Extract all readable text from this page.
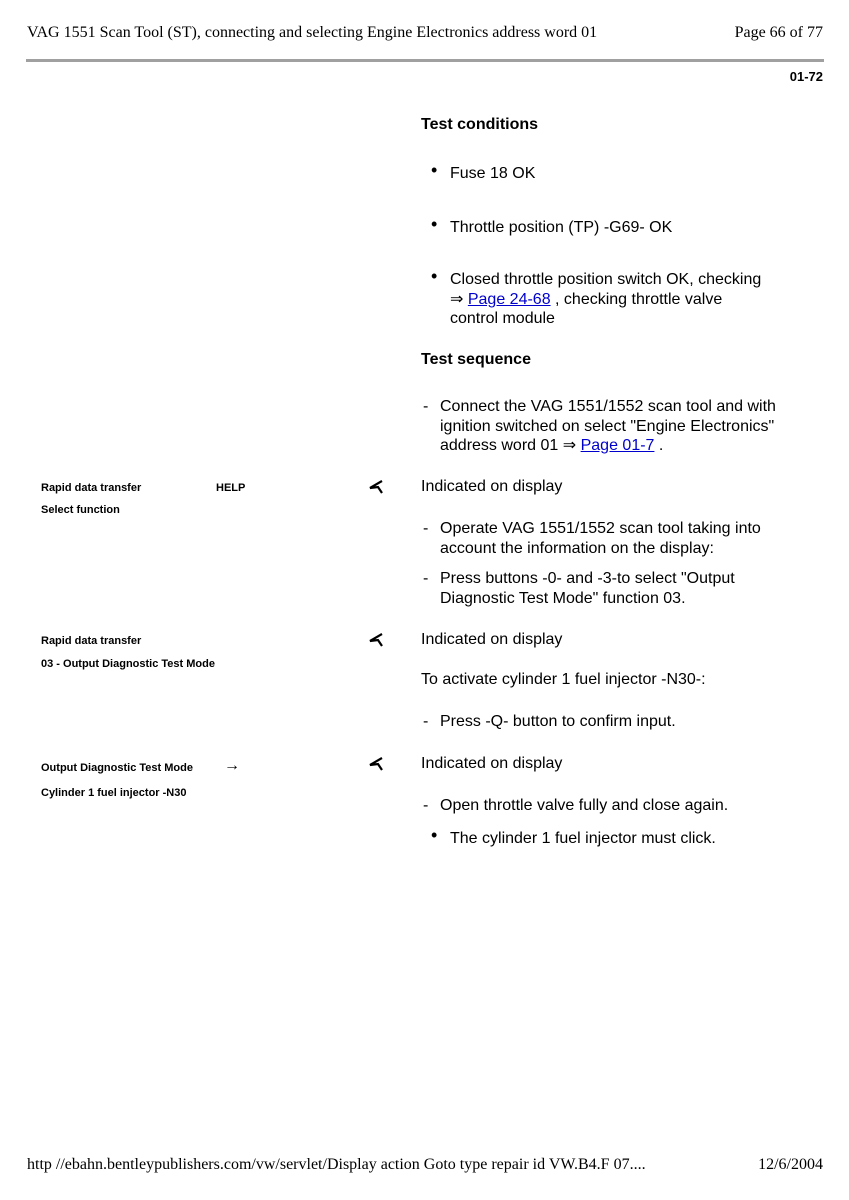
VAG 1551 Scan Tool (ST), connecting and selecting Engine Electronics address word 01	Page 66 of 77
01-72
Test conditions
• Fuse 18 OK
• Throttle position (TP) -G69- OK
• Closed throttle position switch OK, checking
⇒ Page 24-68 , checking throttle valve
control module
Test sequence
- Connect the VAG 1551/1552 scan tool and with
ignition switched on select "Engine Electronics"
address word 01 ⇒ Page 01-7 .
Rapid data transfer	HELP
Select function
Indicated on display
- Operate VAG 1551/1552 scan tool taking into
account the information on the display:
- Press buttons -0- and -3-to select "Output
Diagnostic Test Mode" function 03.
Rapid data transfer
03 - Output Diagnostic Test Mode
Indicated on display
To activate cylinder 1 fuel injector -N30-:
- Press -Q- button to confirm input.
Output Diagnostic Test Mode →
Cylinder 1 fuel injector -N30
Indicated on display
- Open throttle valve fully and close again.
• The cylinder 1 fuel injector must click.
http //ebahn.bentleypublishers.com/vw/servlet/Display action Goto type repair id VW.B4.F 07....	12/6/2004
